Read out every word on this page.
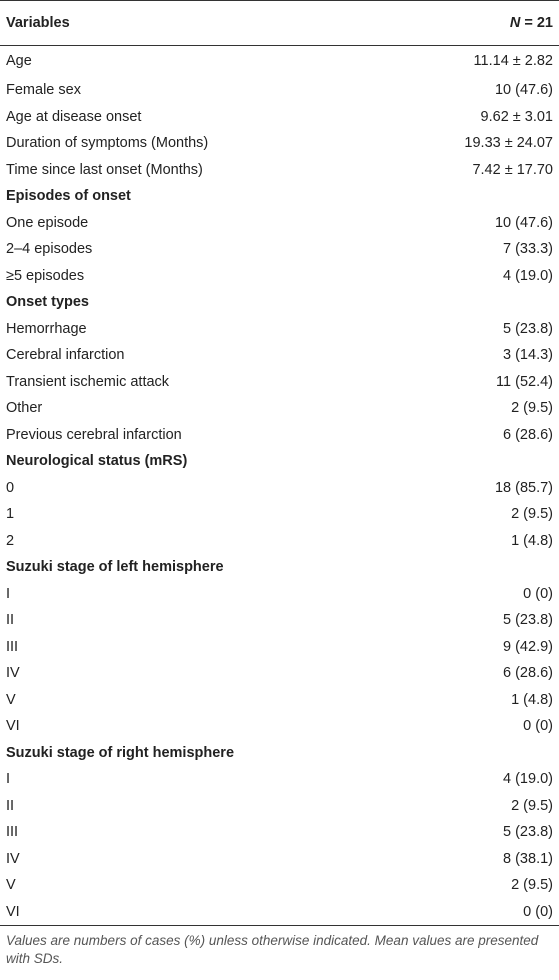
Variables	N = 21
Age	11.14 ± 2.82
Female sex	10 (47.6)
Age at disease onset	9.62 ± 3.01
Duration of symptoms (Months)	19.33 ± 24.07
Time since last onset (Months)	7.42 ± 17.70
Episodes of onset	
One episode	10 (47.6)
2–4 episodes	7 (33.3)
≥5 episodes	4 (19.0)
Onset types	
Hemorrhage	5 (23.8)
Cerebral infarction	3 (14.3)
Transient ischemic attack	11 (52.4)
Other	2 (9.5)
Previous cerebral infarction	6 (28.6)
Neurological status (mRS)	
0	18 (85.7)
1	2 (9.5)
2	1 (4.8)
Suzuki stage of left hemisphere	
I	0 (0)
II	5 (23.8)
III	9 (42.9)
IV	6 (28.6)
V	1 (4.8)
VI	0 (0)
Suzuki stage of right hemisphere	
I	4 (19.0)
II	2 (9.5)
III	5 (23.8)
IV	8 (38.1)
V	2 (9.5)
VI	0 (0)
Values are numbers of cases (%) unless otherwise indicated. Mean values are presented with SDs.
